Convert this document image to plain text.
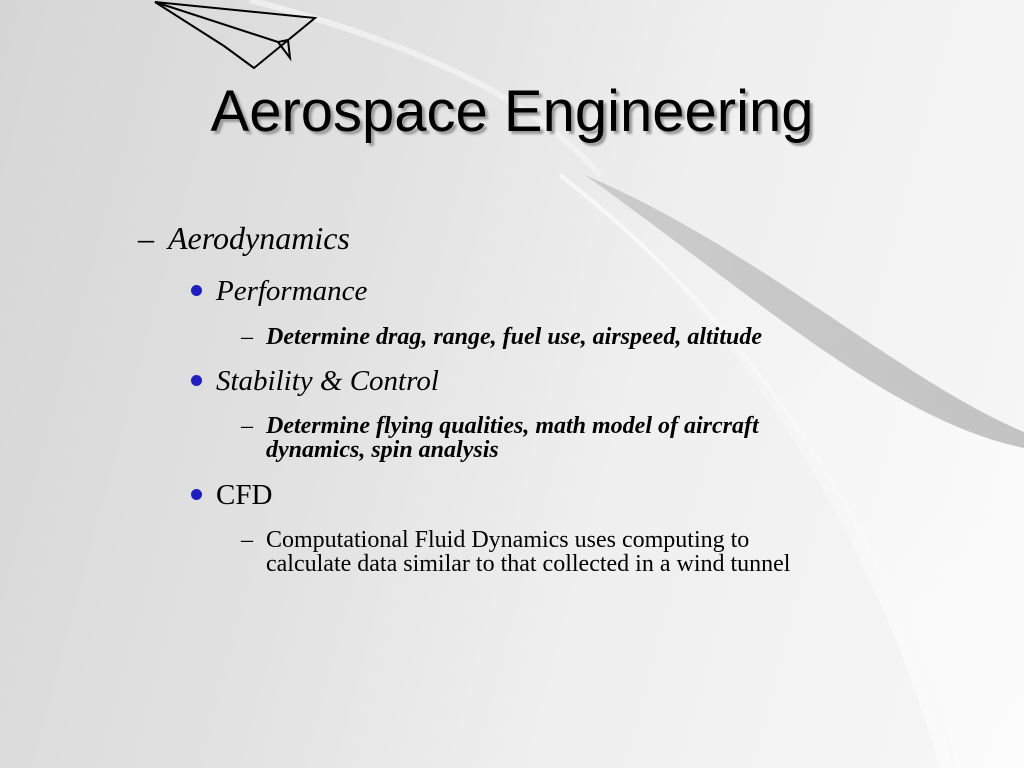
Aerospace Engineering
– Aerodynamics
Performance
– Determine drag, range, fuel use, airspeed, altitude
Stability & Control
– Determine flying qualities, math model of aircraft
dynamics, spin analysis
CFD
– Computational Fluid Dynamics uses computing to
calculate data similar to that collected in a wind tunnel
